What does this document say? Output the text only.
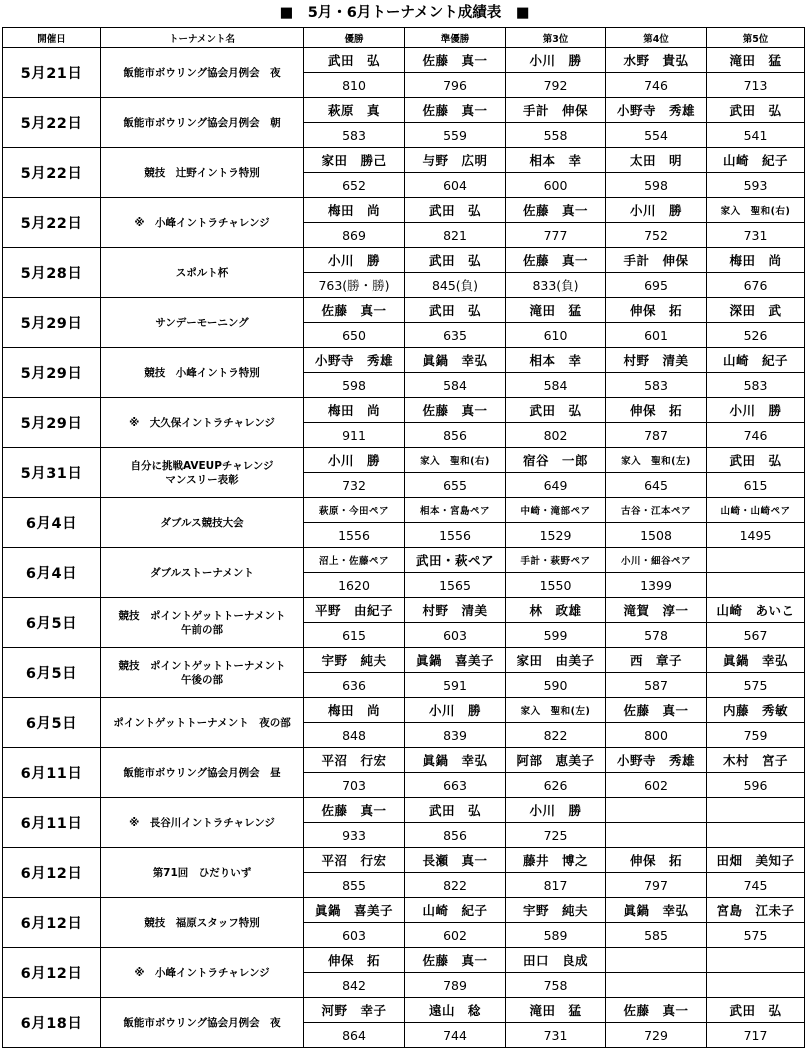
■　5月・6月トーナメント成績表　■
開催日	トーナメント名	優勝	準優勝	第3位	第4位	第5位
5月21日	飯能市ボウリング協会月例会　夜	武田　弘	佐藤　真一	小川　勝	水野　貴弘	滝田　猛
		810	796	792	746	713
5月22日	飯能市ボウリング協会月例会　朝	萩原　真	佐藤　真一	手計　伸保	小野寺　秀雄	武田　弘
		583	559	558	554	541
5月22日	競技　辻野イントラ特別	家田　勝己	与野　広明	相本　幸	太田　明	山崎　紀子
		652	604	600	598	593
5月22日	※　小峰イントラチャレンジ	梅田　尚	武田　弘	佐藤　真一	小川　勝	家入　聖和(右)
		869	821	777	752	731
5月28日	スポルト杯	小川　勝	武田　弘	佐藤　真一	手計　伸保	梅田　尚
		763(勝・勝)	845(負)	833(負)	695	676
5月29日	サンデーモーニング	佐藤　真一	武田　弘	滝田　猛	伸保　拓	深田　武
		650	635	610	601	526
5月29日	競技　小峰イントラ特別	小野寺　秀雄	眞鍋　幸弘	相本　幸	村野　清美	山崎　紀子
		598	584	584	583	583
5月29日	※　大久保イントラチャレンジ	梅田　尚	佐藤　真一	武田　弘	伸保　拓	小川　勝
		911	856	802	787	746
5月31日	自分に挑戦AVEUPチャレンジ
マンスリー表彰	小川　勝	家入　聖和(右)	宿谷　一郎	家入　聖和(左)	武田　弘
		732	655	649	645	615
6月4日	ダブルス競技大会	萩原・今田ペア	相本・宮島ペア	中崎・滝部ペア	古谷・江本ペア	山崎・山崎ペア
		1556	1556	1529	1508	1495
6月4日	ダブルストーナメント	沼上・佐藤ペア	武田・萩ペア	手計・萩野ペア	小川・細谷ペア	
		1620	1565	1550	1399	
6月5日	競技　ポイントゲットトーナメント
午前の部	平野　由紀子	村野　清美	林　政雄	滝賀　淳一	山崎　あいこ
		615	603	599	578	567
6月5日	競技　ポイントゲットトーナメント
午後の部	宇野　純夫	眞鍋　喜美子	家田　由美子	西　章子	眞鍋　幸弘
		636	591	590	587	575
6月5日	ポイントゲットトーナメント　夜の部	梅田　尚	小川　勝	家入　聖和(左)	佐藤　真一	内藤　秀敏
		848	839	822	800	759
6月11日	飯能市ボウリング協会月例会　昼	平沼　行宏	眞鍋　幸弘	阿部　恵美子	小野寺　秀雄	木村　宮子
		703	663	626	602	596
6月11日	※　長谷川イントラチャレンジ	佐藤　真一	武田　弘	小川　勝		
		933	856	725		
6月12日	第71回　ひだりいず	平沼　行宏	長瀬　真一	藤井　博之	伸保　拓	田畑　美知子
		855	822	817	797	745
6月12日	競技　福原スタッフ特別	眞鍋　喜美子	山崎　紀子	宇野　純夫	眞鍋　幸弘	宮島　江未子
		603	602	589	585	575
6月12日	※　小峰イントラチャレンジ	伸保　拓	佐藤　真一	田口　良成		
		842	789	758		
6月18日	飯能市ボウリング協会月例会　夜	河野　幸子	遠山　稔	滝田　猛	佐藤　真一	武田　弘
		864	744	731	729	717
